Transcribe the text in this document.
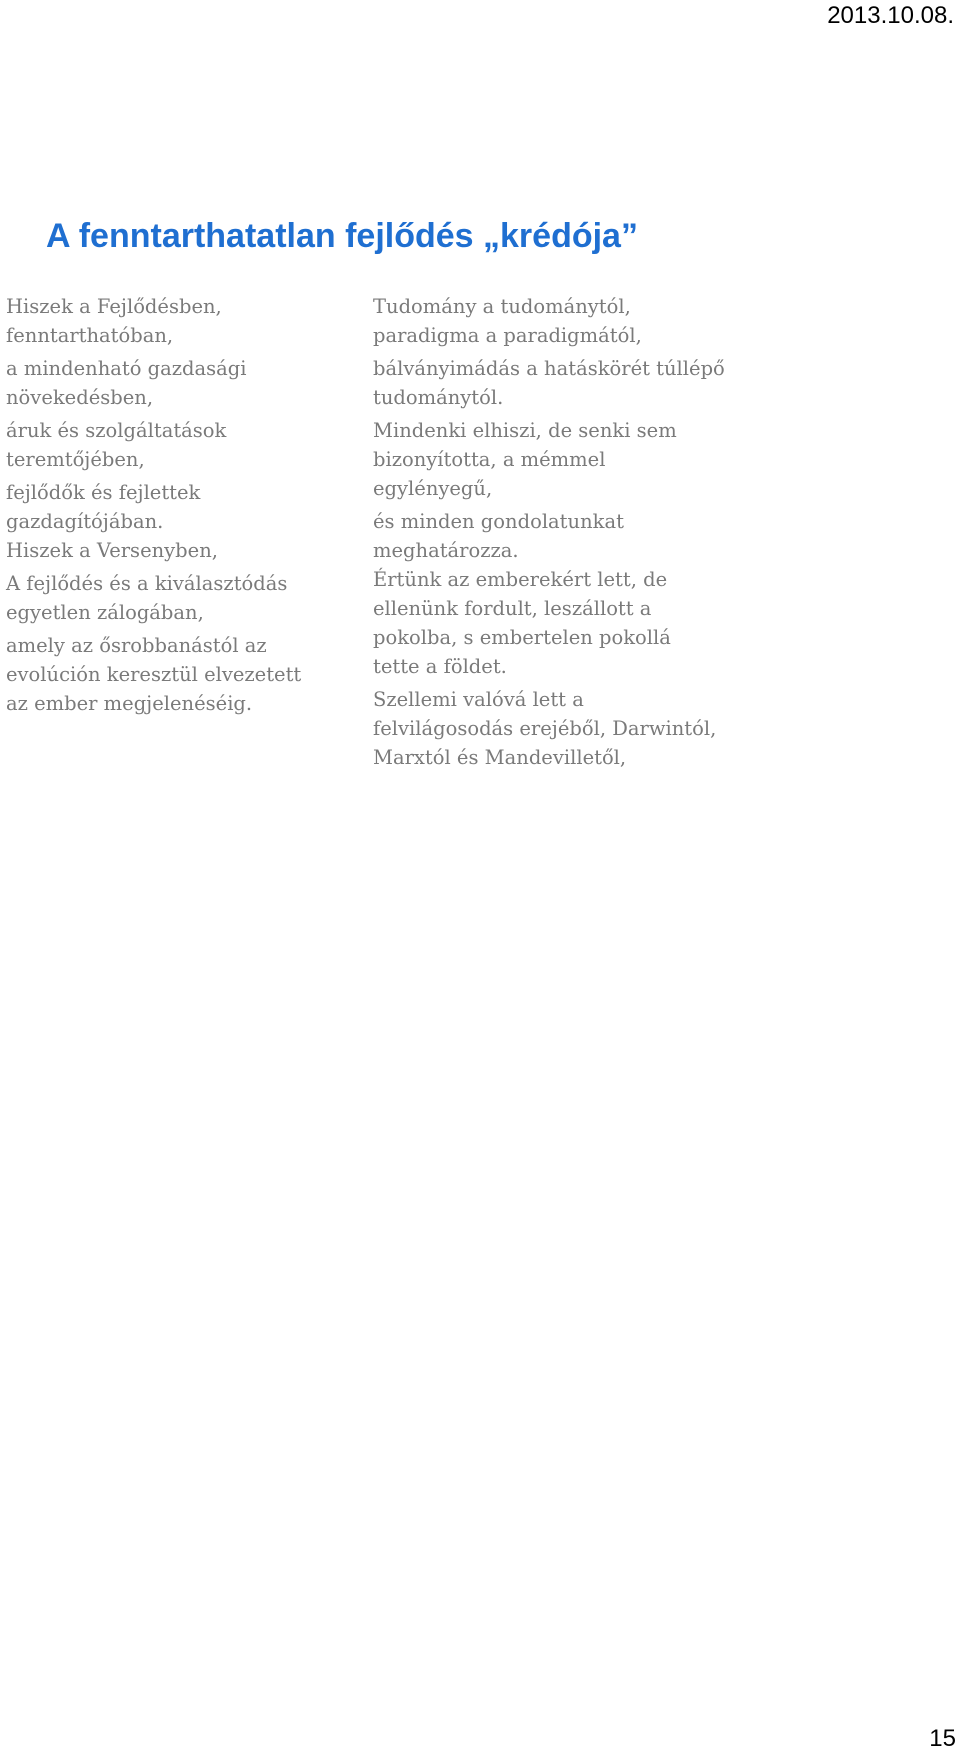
2013.10.08.
A fenntarthatatlan fejlődés „krédója”

Hiszek a Fejlődésben,
fenntarthatóban,

a mindenható gazdasági
növekedésben,

áruk és szolgáltatások
teremtőjében,

fejlődők és fejlettek
gazdagítójában.

Hiszek a Versenyben,

A fejlődés és a kiválasztódás
egyetlen zálogában,

amely az ősrobbanástól az
evolúción keresztül elvezetett
az ember megjelenéséig.

Tudomány a tudománytól,
paradigma a paradigmától,

bálványimádás a hatáskörét túllépő
tudománytól.

Mindenki elhiszi, de senki sem
bizonyította, a mémmel
egylényegű,

és minden gondolatunkat
meghatározza.

Értünk az emberekért lett, de
ellenünk fordult, leszállott a
pokolba, s embertelen pokollá
tette a földet.

Szellemi valóvá lett a
felvilágosodás erejéből, Darwintól,
Marxtól és Mandevilletől,

15
